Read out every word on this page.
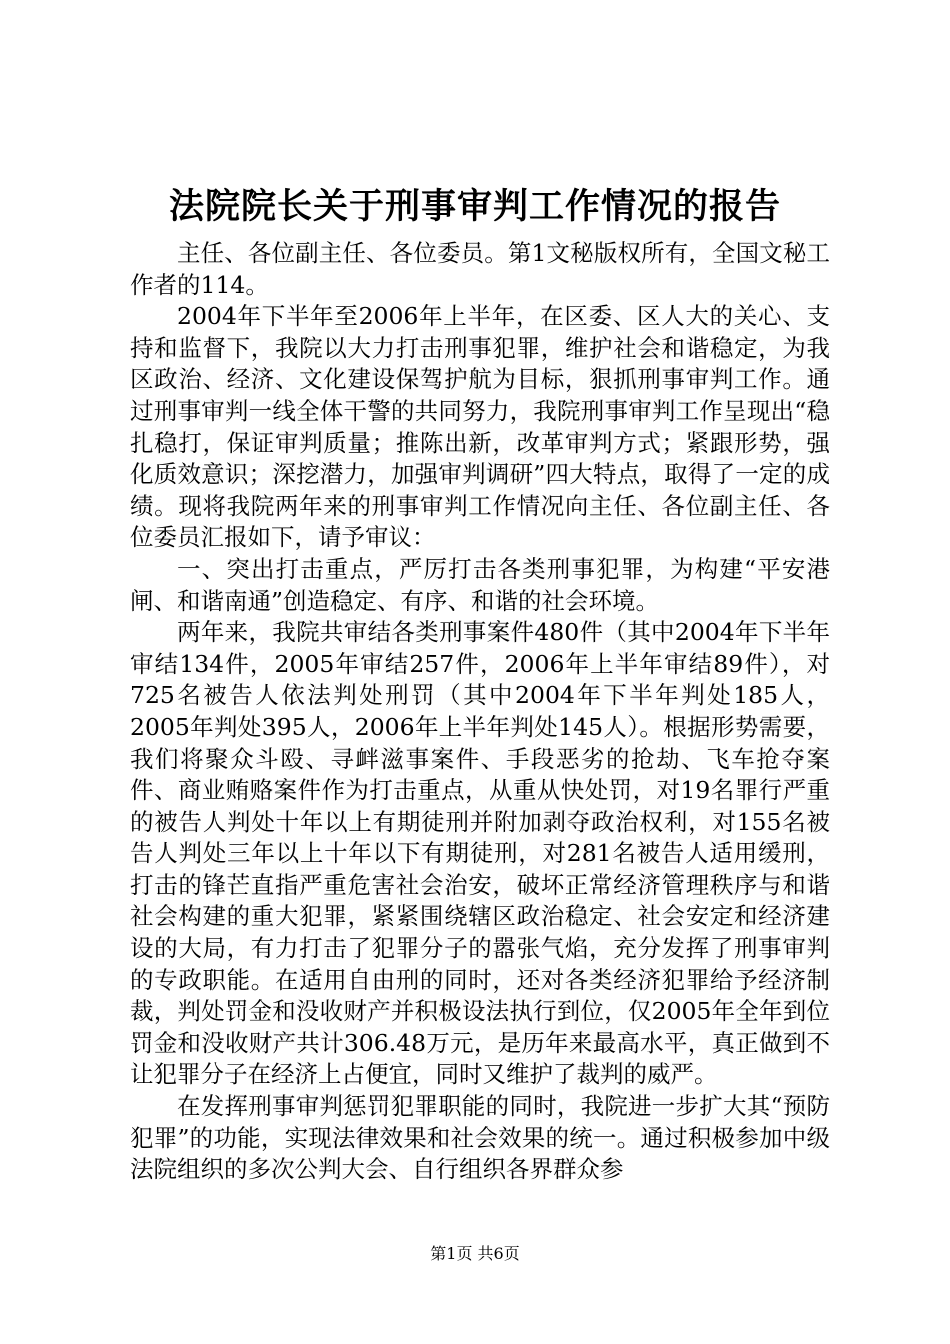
法院院长关于刑事审判工作情况的报告

主任、各位副主任、各位委员。第1文秘版权所有，全国文秘工作者的114。

2004年下半年至2006年上半年，在区委、区人大的关心、支持和监督下，我院以大力打击刑事犯罪，维护社会和谐稳定，为我区政治、经济、文化建设保驾护航为目标，狠抓刑事审判工作。通过刑事审判一线全体干警的共同努力，我院刑事审判工作呈现出“稳扎稳打，保证审判质量；推陈出新，改革审判方式；紧跟形势，强化质效意识；深挖潜力，加强审判调研”四大特点，取得了一定的成绩。现将我院两年来的刑事审判工作情况向主任、各位副主任、各位委员汇报如下，请予审议：

一、突出打击重点，严厉打击各类刑事犯罪，为构建“平安港闸、和谐南通”创造稳定、有序、和谐的社会环境。

两年来，我院共审结各类刑事案件480件（其中2004年下半年审结134件，2005年审结257件，2006年上半年审结89件），对725名被告人依法判处刑罚（其中2004年下半年判处185人，2005年判处395人，2006年上半年判处145人）。根据形势需要，我们将聚众斗殴、寻衅滋事案件、手段恶劣的抢劫、飞车抢夺案件、商业贿赂案件作为打击重点，从重从快处罚，对19名罪行严重的被告人判处十年以上有期徒刑并附加剥夺政治权利，对155名被告人判处三年以上十年以下有期徒刑，对281名被告人适用缓刑，打击的锋芒直指严重危害社会治安，破坏正常经济管理秩序与和谐社会构建的重大犯罪，紧紧围绕辖区政治稳定、社会安定和经济建设的大局，有力打击了犯罪分子的嚣张气焰，充分发挥了刑事审判的专政职能。在适用自由刑的同时，还对各类经济犯罪给予经济制裁，判处罚金和没收财产并积极设法执行到位，仅2005年全年到位罚金和没收财产共计306.48万元，是历年来最高水平，真正做到不让犯罪分子在经济上占便宜，同时又维护了裁判的威严。

在发挥刑事审判惩罚犯罪职能的同时，我院进一步扩大其“预防犯罪”的功能，实现法律效果和社会效果的统一。通过积极参加中级法院组织的多次公判大会、自行组织各界群众参

第1页 共6页
